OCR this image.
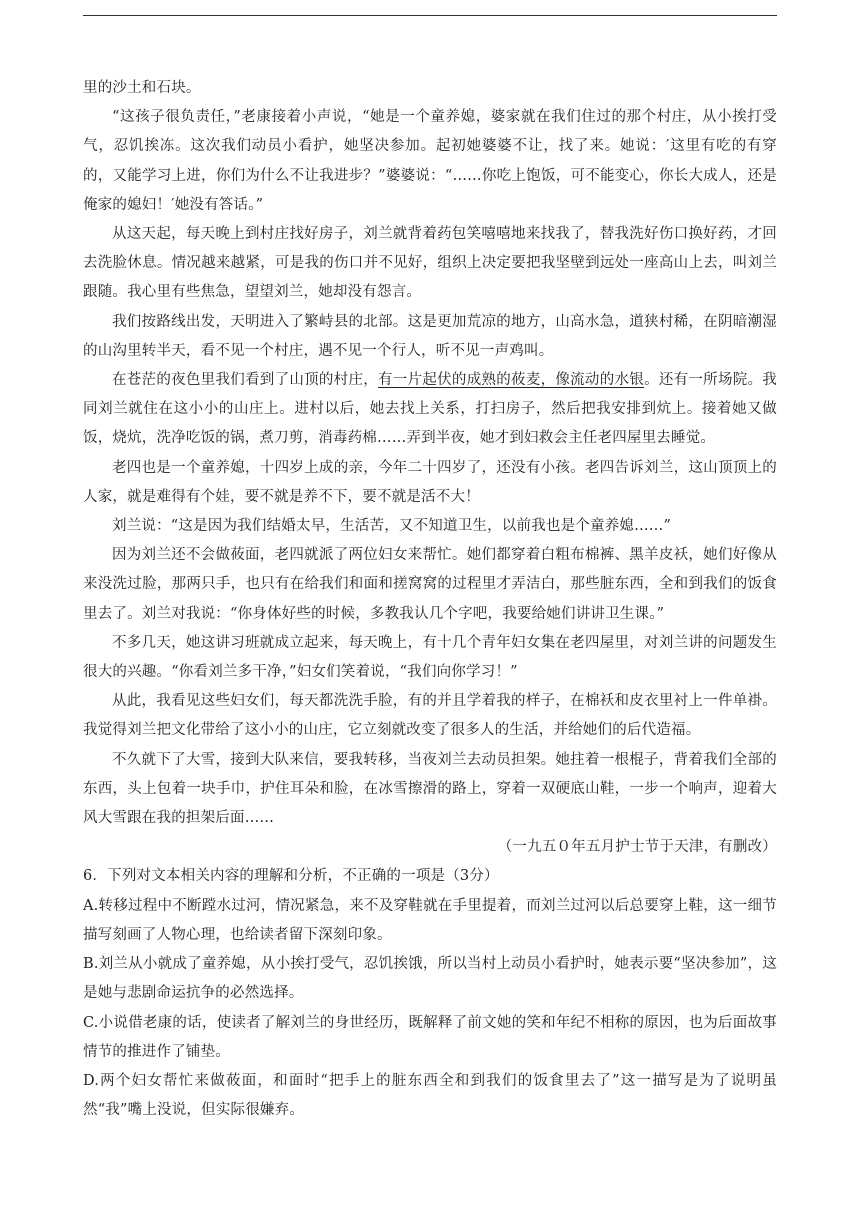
里的沙土和石块。

“这孩子很负责任，”老康接着小声说，“她是一个童养媳，婆家就在我们住过的那个村庄，从小挨打受气，忍饥挨冻。这次我们动员小看护，她坚决参加。起初她婆婆不让，找了来。她说：′这里有吃的有穿的，又能学习上进，你们为什么不让我进步？”婆婆说：“……你吃上饱饭，可不能变心，你长大成人，还是俺家的媳妇！′她没有答话。”

从这天起，每天晚上到村庄找好房子，刘兰就背着药包笑嘻嘻地来找我了，替我洗好伤口换好药，才回去洗脸休息。情况越来越紧，可是我的伤口并不见好，组织上决定要把我坚壁到远处一座高山上去，叫刘兰跟随。我心里有些焦急，望望刘兰，她却没有怨言。

我们按路线出发，天明进入了繁峙县的北部。这是更加荒凉的地方，山高水急，道狭村稀，在阴暗潮湿的山沟里转半天，看不见一个村庄，遇不见一个行人，听不见一声鸡叫。

在苍茫的夜色里我们看到了山顶的村庄，有一片起伏的成熟的莜麦，像流动的水银。还有一所场院。我同刘兰就住在这小小的山庄上。进村以后，她去找上关系，打扫房子，然后把我安排到炕上。接着她又做饭，烧炕，洗净吃饭的锅，煮刀剪，消毒药棉……弄到半夜，她才到妇救会主任老四屋里去睡觉。

老四也是一个童养媳，十四岁上成的亲，今年二十四岁了，还没有小孩。老四告诉刘兰，这山顶顶上的人家，就是难得有个娃，要不就是养不下，要不就是活不大！

刘兰说：“这是因为我们结婚太早，生活苦，又不知道卫生，以前我也是个童养媳……”

因为刘兰还不会做莜面，老四就派了两位妇女来帮忙。她们都穿着白粗布棉裤、黑羊皮袄，她们好像从来没洗过脸，那两只手，也只有在给我们和面和搓窝窝的过程里才弄洁白，那些脏东西，全和到我们的饭食里去了。刘兰对我说：“你身体好些的时候，多教我认几个字吧，我要给她们讲讲卫生课。”

不多几天，她这讲习班就成立起来，每天晚上，有十几个青年妇女集在老四屋里，对刘兰讲的问题发生很大的兴趣。“你看刘兰多干净，”妇女们笑着说，“我们向你学习！”

从此，我看见这些妇女们，每天都洗洗手脸，有的并且学着我的样子，在棉袄和皮衣里衬上一件单褂。我觉得刘兰把文化带给了这小小的山庄，它立刻就改变了很多人的生活，并给她们的后代造福。

不久就下了大雪，接到大队来信，要我转移，当夜刘兰去动员担架。她拄着一根棍子，背着我们全部的东西，头上包着一块手巾，护住耳朵和脸，在冰雪擦滑的路上，穿着一双硬底山鞋，一步一个响声，迎着大风大雪跟在我的担架后面……

（一九五０年五月护士节于天津，有删改）

6．下列对文本相关内容的理解和分析，不正确的一项是（3分）

A.转移过程中不断蹚水过河，情况紧急，来不及穿鞋就在手里提着，而刘兰过河以后总要穿上鞋，这一细节描写刻画了人物心理，也给读者留下深刻印象。

B.刘兰从小就成了童养媳，从小挨打受气，忍饥挨饿，所以当村上动员小看护时，她表示要“坚决参加”，这是她与悲剧命运抗争的必然选择。

C.小说借老康的话，使读者了解刘兰的身世经历，既解释了前文她的笑和年纪不相称的原因，也为后面故事情节的推进作了铺垫。

D.两个妇女帮忙来做莜面，和面时“把手上的脏东西全和到我们的饭食里去了”这一描写是为了说明虽然“我”嘴上没说，但实际很嫌弃。
